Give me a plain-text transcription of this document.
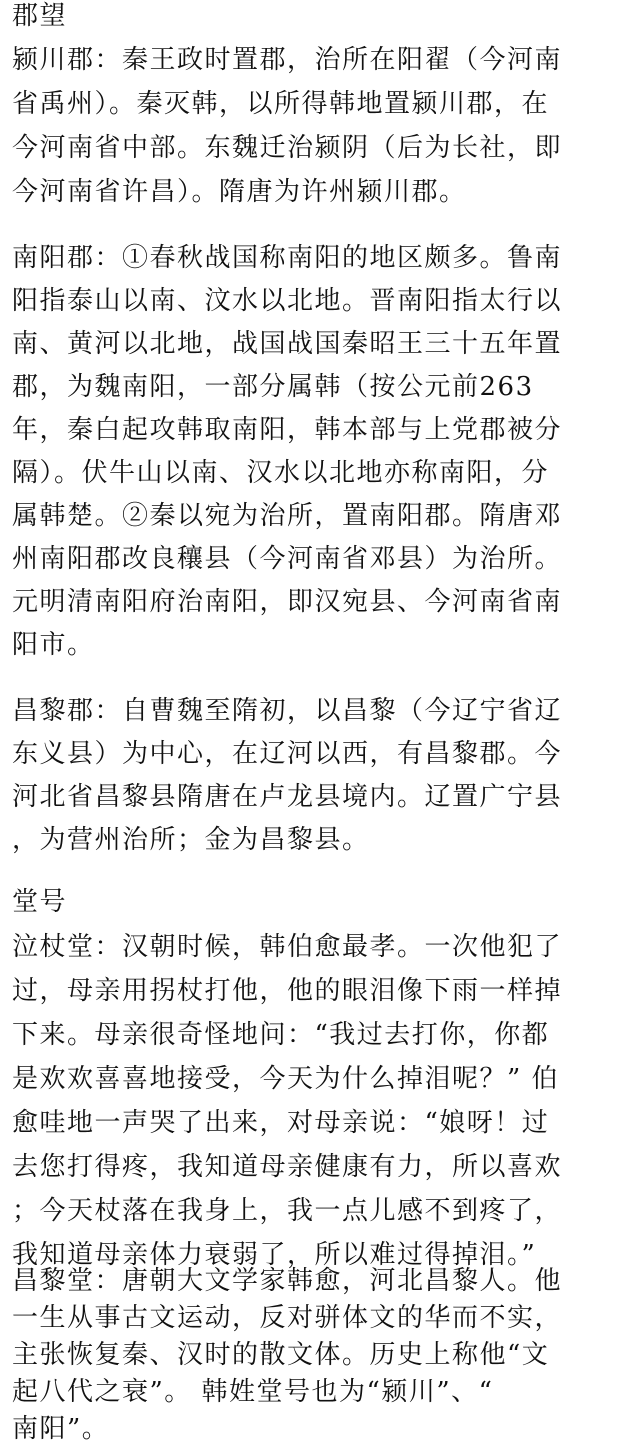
郡望
颍川郡：秦王政时置郡，治所在阳翟（今河南
省禹州）。秦灭韩，以所得韩地置颍川郡，在
今河南省中部。东魏迁治颍阴（后为长社，即
今河南省许昌）。隋唐为许州颍川郡。
南阳郡：①春秋战国称南阳的地区颇多。鲁南
阳指泰山以南、汶水以北地。晋南阳指太行以
南、黄河以北地，战国战国秦昭王三十五年置
郡，为魏南阳，一部分属韩（按公元前263
年，秦白起攻韩取南阳，韩本部与上党郡被分
隔）。伏牛山以南、汉水以北地亦称南阳，分
属韩楚。②秦以宛为治所，置南阳郡。隋唐邓
州南阳郡改良穰县（今河南省邓县）为治所。
元明清南阳府治南阳，即汉宛县、今河南省南
阳市。
昌黎郡：自曹魏至隋初，以昌黎（今辽宁省辽
东义县）为中心，在辽河以西，有昌黎郡。今
河北省昌黎县隋唐在卢龙县境内。辽置广宁县
，为营州治所；金为昌黎县。
堂号
泣杖堂：汉朝时候，韩伯愈最孝。一次他犯了
过，母亲用拐杖打他，他的眼泪像下雨一样掉
下来。母亲很奇怪地问：“我过去打你，你都
是欢欢喜喜地接受，今天为什么掉泪呢？” 伯
愈哇地一声哭了出来，对母亲说：“娘呀！过
去您打得疼，我知道母亲健康有力，所以喜欢
；今天杖落在我身上，我一点儿感不到疼了，
我知道母亲体力衰弱了，所以难过得掉泪。”
昌黎堂：唐朝大文学家韩愈，河北昌黎人。他
一生从事古文运动，反对骈体文的华而不实，
主张恢复秦、汉时的散文体。历史上称他“文
起八代之衰”。 韩姓堂号也为“颍川”、“
南阳”。
